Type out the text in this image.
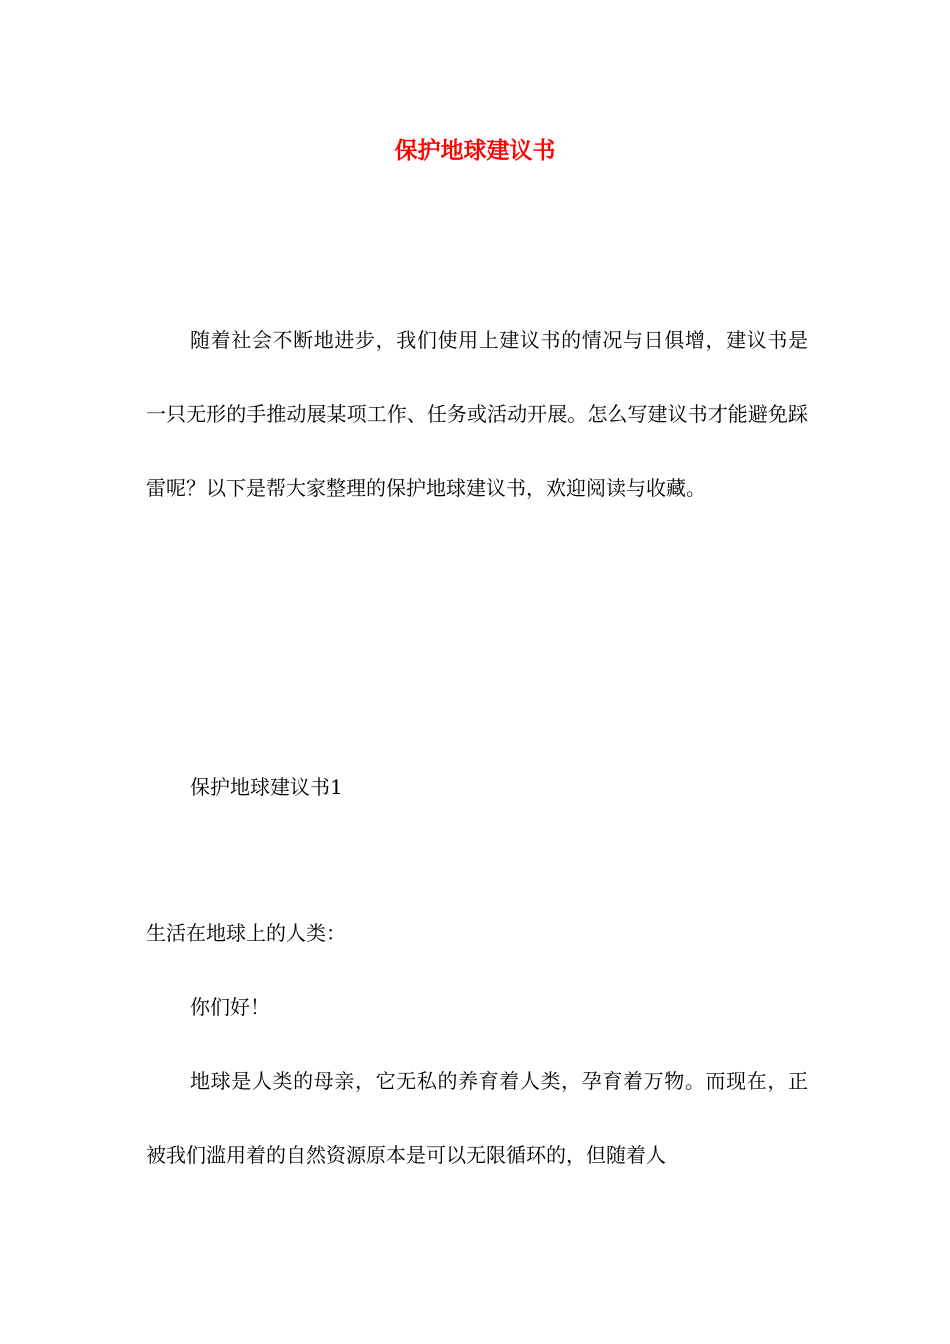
保护地球建议书

随着社会不断地进步，我们使用上建议书的情况与日俱增，建议书是一只无形的手推动展某项工作、任务或活动开展。怎么写建议书才能避免踩雷呢？以下是帮大家整理的保护地球建议书，欢迎阅读与收藏。

保护地球建议书1

生活在地球上的人类：

你们好！

地球是人类的母亲，它无私的养育着人类，孕育着万物。而现在，正被我们滥用着的自然资源原本是可以无限循环的，但随着人
